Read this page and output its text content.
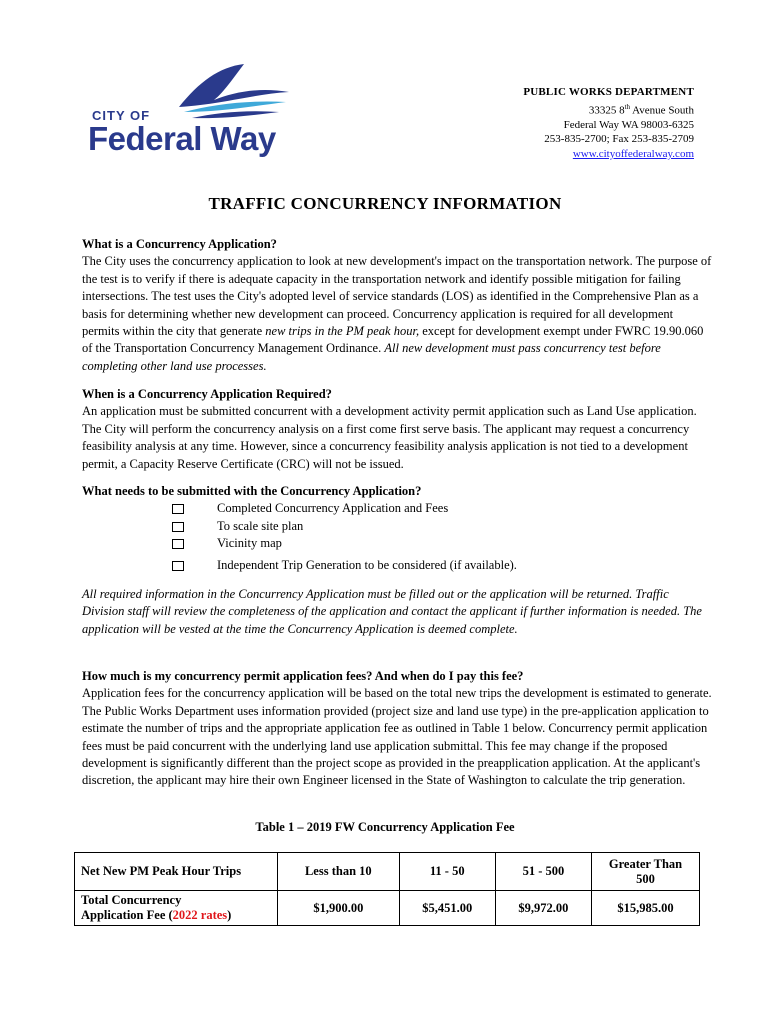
CITY OF
Federal Way
PUBLIC WORKS DEPARTMENT
33325 8th Avenue South
Federal Way WA 98003-6325
253-835-2700; Fax 253-835-2709
www.cityoffederalway.com
TRAFFIC CONCURRENCY INFORMATION
What is a Concurrency Application?
The City uses the concurrency application to look at new development's impact on the transportation network. The purpose of the test is to verify if there is adequate capacity in the transportation network and identify possible mitigation for failing intersections. The test uses the City's adopted level of service standards (LOS) as identified in the Comprehensive Plan as a basis for determining whether new development can proceed. Concurrency application is required for all development permits within the city that generate new trips in the PM peak hour, except for development exempt under FWRC 19.90.060 of the Transportation Concurrency Management Ordinance. All new development must pass concurrency test before completing other land use processes.
When is a Concurrency Application Required?
An application must be submitted concurrent with a development activity permit application such as Land Use application. The City will perform the concurrency analysis on a first come first serve basis. The applicant may request a concurrency feasibility analysis at any time. However, since a concurrency feasibility analysis application is not tied to a development permit, a Capacity Reserve Certificate (CRC) will not be issued.
What needs to be submitted with the Concurrency Application?
Completed Concurrency Application and Fees
To scale site plan
Vicinity map
Independent Trip Generation to be considered (if available).
All required information in the Concurrency Application must be filled out or the application will be returned. Traffic Division staff will review the completeness of the application and contact the applicant if further information is needed. The application will be vested at the time the Concurrency Application is deemed complete.
How much is my concurrency permit application fees? And when do I pay this fee?
Application fees for the concurrency application will be based on the total new trips the development is estimated to generate. The Public Works Department uses information provided (project size and land use type) in the pre-application application to estimate the number of trips and the appropriate application fee as outlined in Table 1 below. Concurrency permit application fees must be paid concurrent with the underlying land use application submittal. This fee may change if the proposed development is significantly different than the project scope as provided in the preapplication application. At the applicant's discretion, the applicant may hire their own Engineer licensed in the State of Washington to calculate the trip generation.
Table 1 – 2019 FW Concurrency Application Fee
Net New PM Peak Hour Trips	Less than 10	11 - 50	51 - 500	Greater Than 500
Total Concurrency
Application Fee (2022 rates)	$1,900.00	$5,451.00	$9,972.00	$15,985.00
